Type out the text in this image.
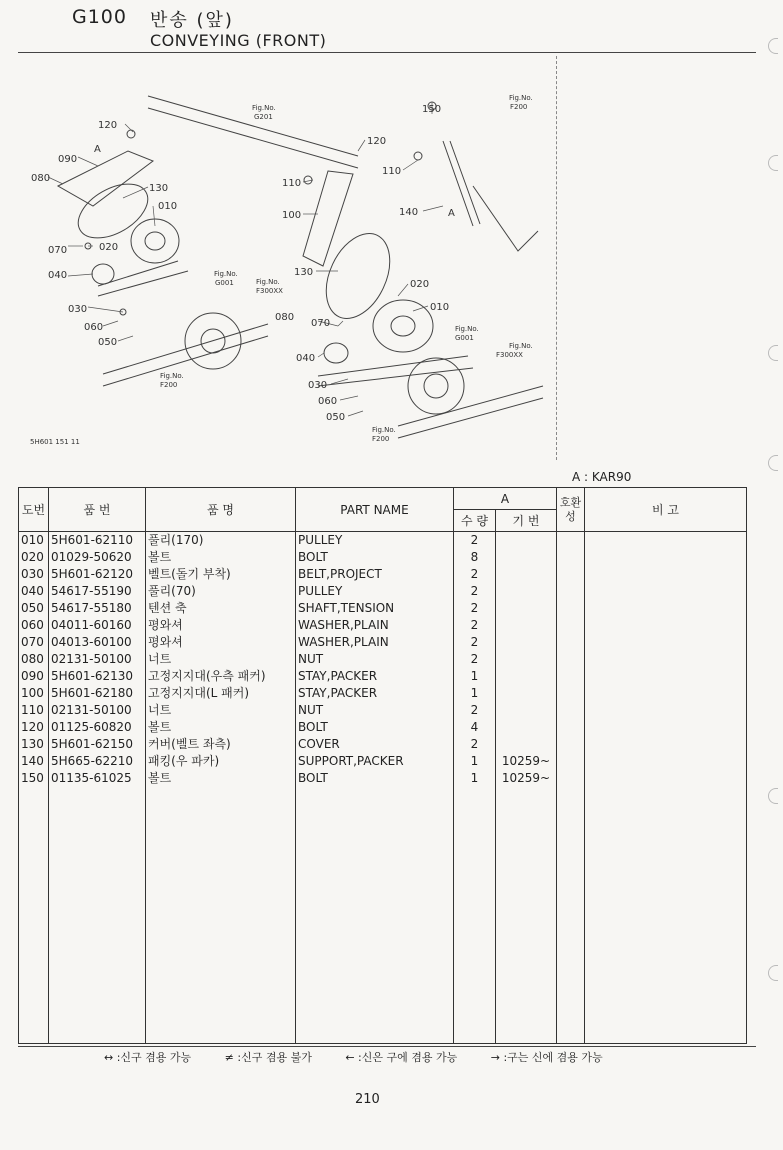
G100 반송 (앞)
CONVEYING (FRONT)
120
090
080
130
010
070	020
040
030
060
050
110
100
130
020
010
080
070
040
030
060
050
150
110
140
120
A
A
Fig.No.
G201
Fig.No.
F200
Fig.No.
G001	Fig.No.
F300XX
Fig.No.
F200
Fig.No.
G001
Fig.No.
F300XX
Fig.No.
F200
5H601 151 11
A : KAR90
도번	품 번	품 명	PART NAME	A		호환성	비 고
				수 량	기 번		
010	5H601-62110	풀리(170)	PULLEY	2			
020	01029-50620	볼트	BOLT	8			
030	5H601-62120	벨트(돌기 부착)	BELT,PROJECT	2			
040	54617-55190	풀리(70)	PULLEY	2			
050	54617-55180	텐션 축	SHAFT,TENSION	2			
060	04011-60160	평와셔	WASHER,PLAIN	2			
070	04013-60100	평와셔	WASHER,PLAIN	2			
080	02131-50100	너트	NUT	2			
090	5H601-62130	고정지지대(우측 패커)	STAY,PACKER	1			
100	5H601-62180	고정지지대(L 패커)	STAY,PACKER	1			
110	02131-50100	너트	NUT	2			
120	01125-60820	볼트	BOLT	4			
130	5H601-62150	커버(벨트 좌측)	COVER	2			
140	5H665-62210	패킹(우 파카)	SUPPORT,PACKER	1	10259~		
150	01135-61025	볼트	BOLT	1	10259~		

↔ :신구 겸용 가능	≠ :신구 겸용 불가	← :신은 구에 겸용 가능	→ :구는 신에 겸용 가능
210
